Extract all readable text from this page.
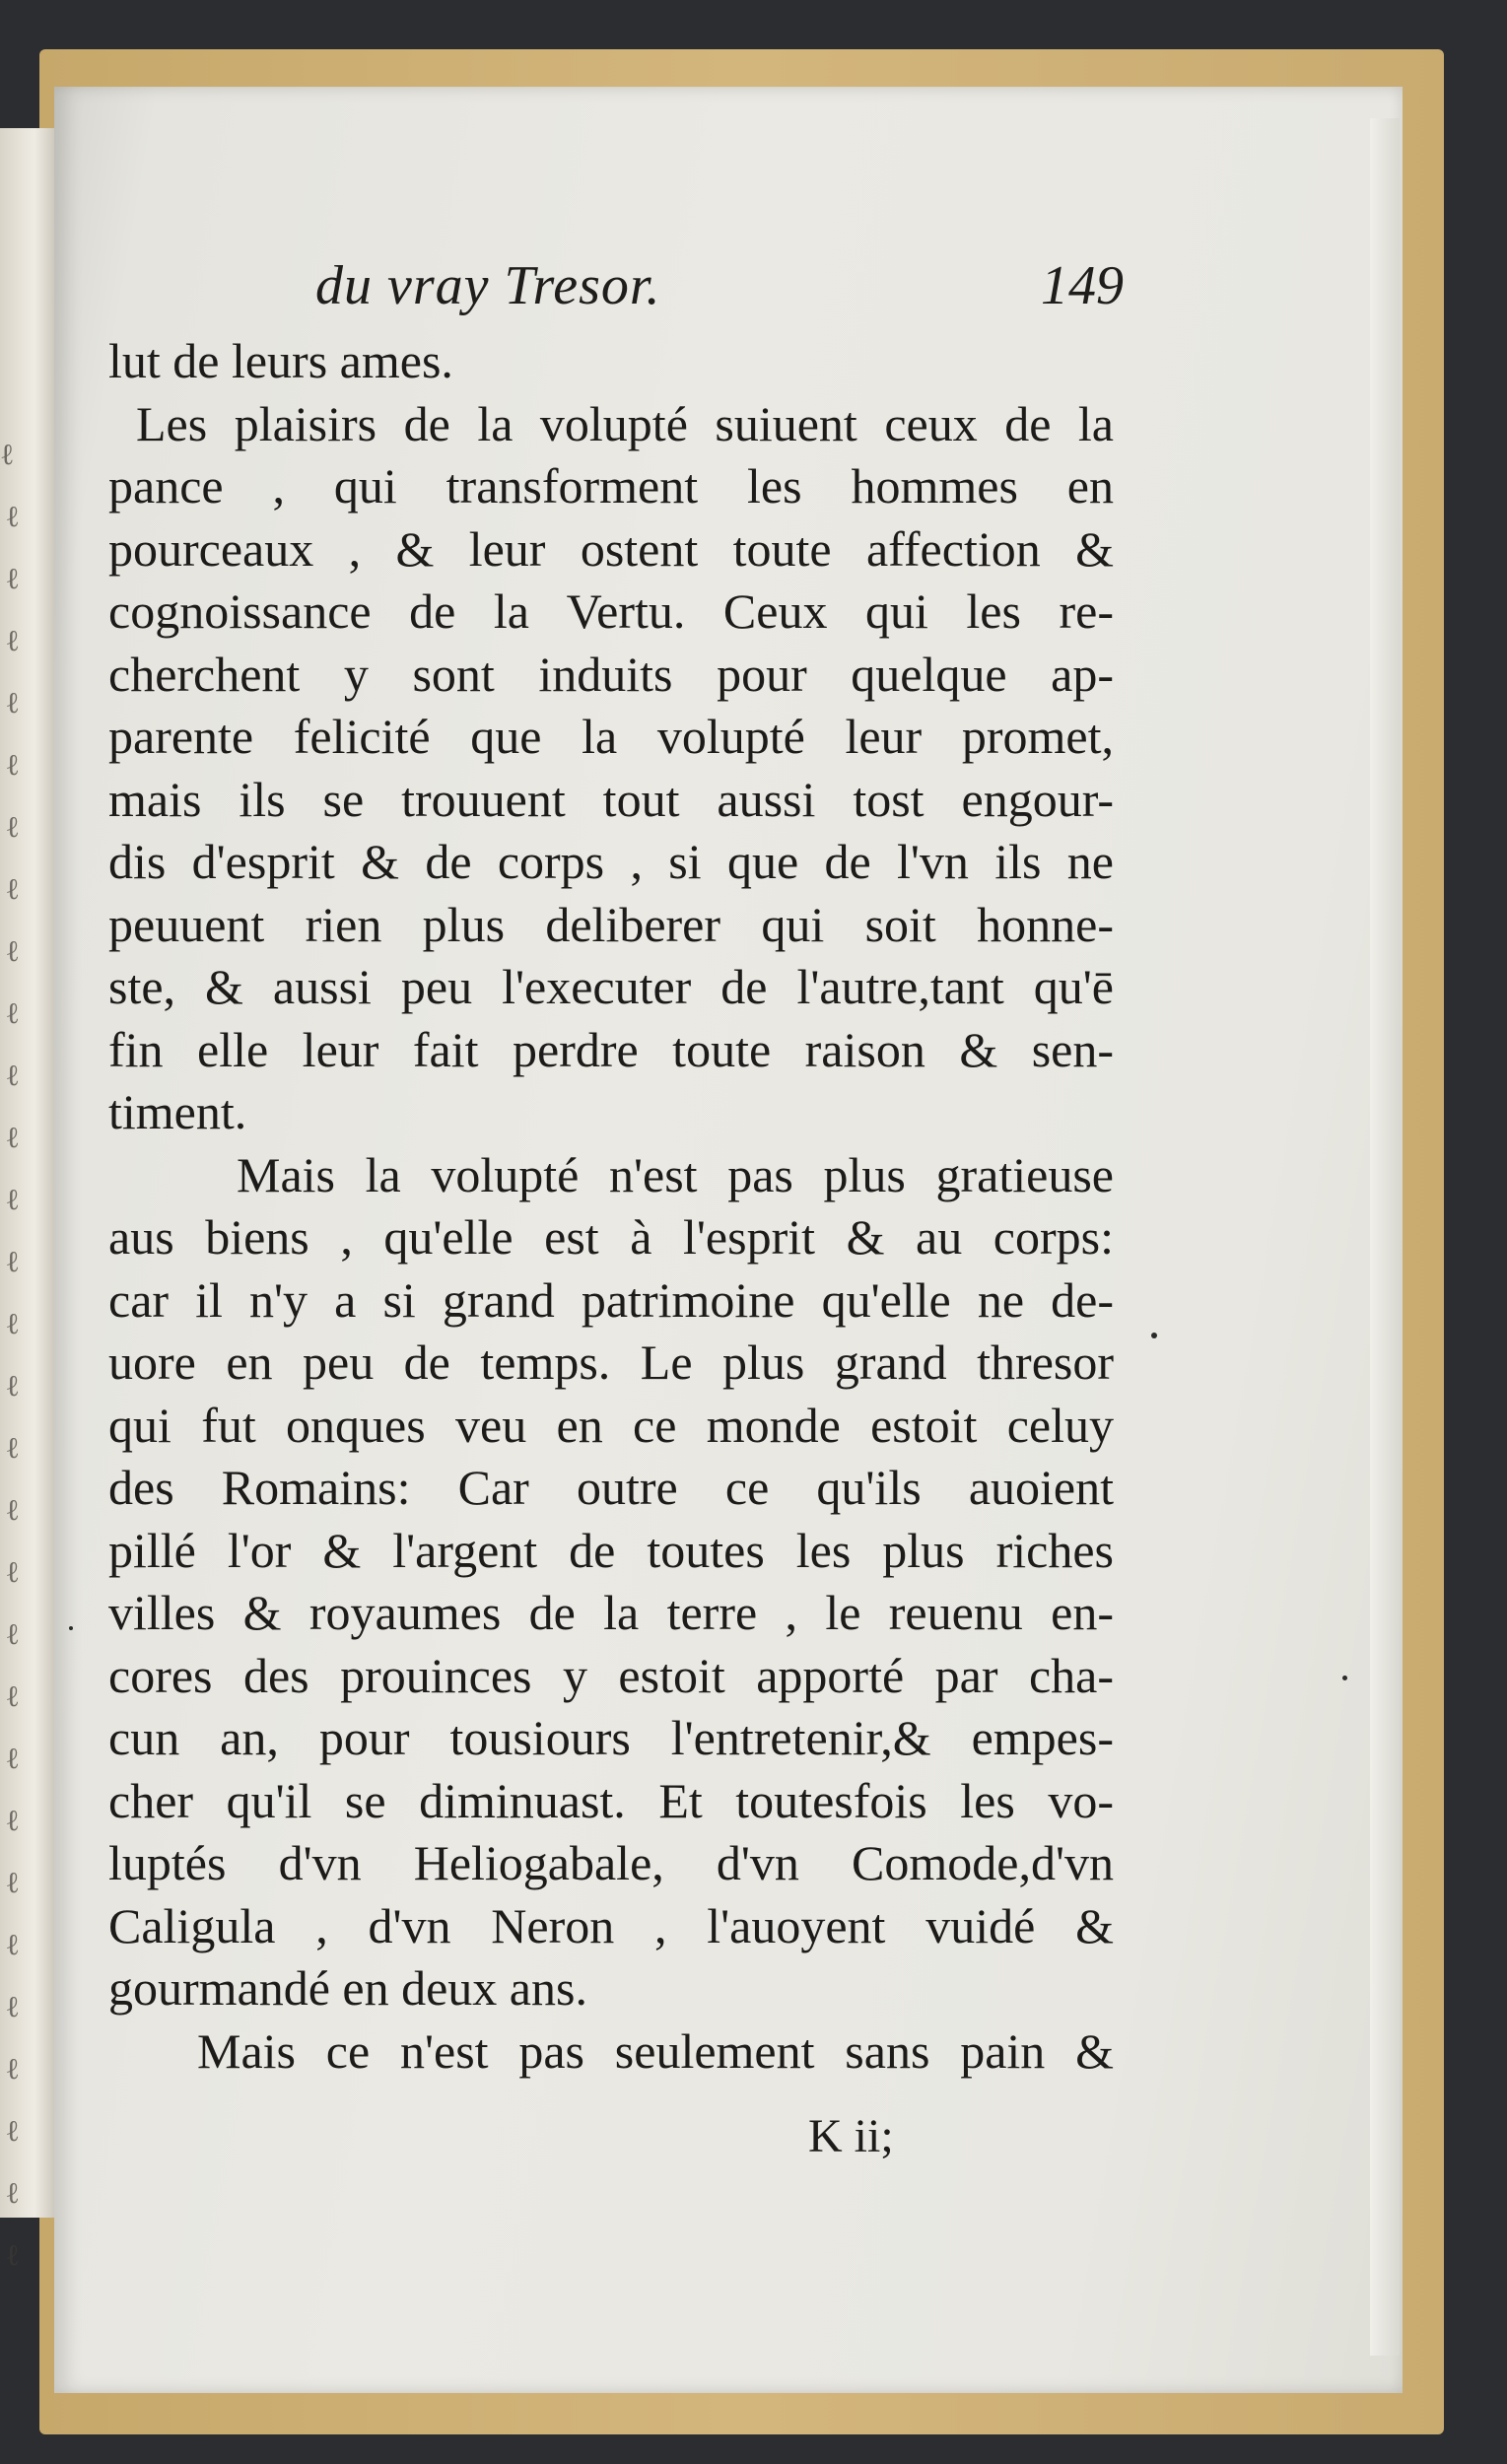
ℓ
ℓ
ℓ
ℓ
ℓ
ℓ
ℓ
ℓ
ℓ
ℓ
ℓ
ℓ
ℓ
ℓ
ℓ
ℓ
ℓ
ℓ
ℓ
ℓ
ℓ
ℓ
ℓ
ℓ
ℓ
ℓ
ℓ
ℓ
ℓ
ℓ
du vray Tresor.	149
lut de leurs ames.
Les plaisirs de la volupté suiuent ceux de la
pance , qui transforment les hommes en
pourceaux , & leur ostent toute affection &
cognoissance de la Vertu. Ceux qui les re-
cherchent y sont induits pour quelque ap-
parente felicité que la volupté leur promet,
mais ils se trouuent tout aussi tost engour-
dis d'esprit & de corps , si que de l'vn ils ne
peuuent rien plus deliberer qui soit honne-
ste, & aussi peu l'executer de l'autre,tant qu'ē
fin elle leur fait perdre toute raison & sen-
timent.
Mais la volupté n'est pas plus gratieuse
aus biens , qu'elle est à l'esprit & au corps:
car il n'y a si grand patrimoine qu'elle ne de-
uore en peu de temps. Le plus grand thresor
qui fut onques veu en ce monde estoit celuy
des Romains: Car outre ce qu'ils auoient
pillé l'or & l'argent de toutes les plus riches
villes & royaumes de la terre , le reuenu en-
cores des prouinces y estoit apporté par cha-
cun an, pour tousiours l'entretenir,& empes-
cher qu'il se diminuast. Et toutesfois les vo-
luptés d'vn Heliogabale, d'vn Comode,d'vn
Caligula , d'vn Neron , l'auoyent vuidé &
gourmandé en deux ans.
Mais ce n'est pas seulement sans pain &
K ii;
